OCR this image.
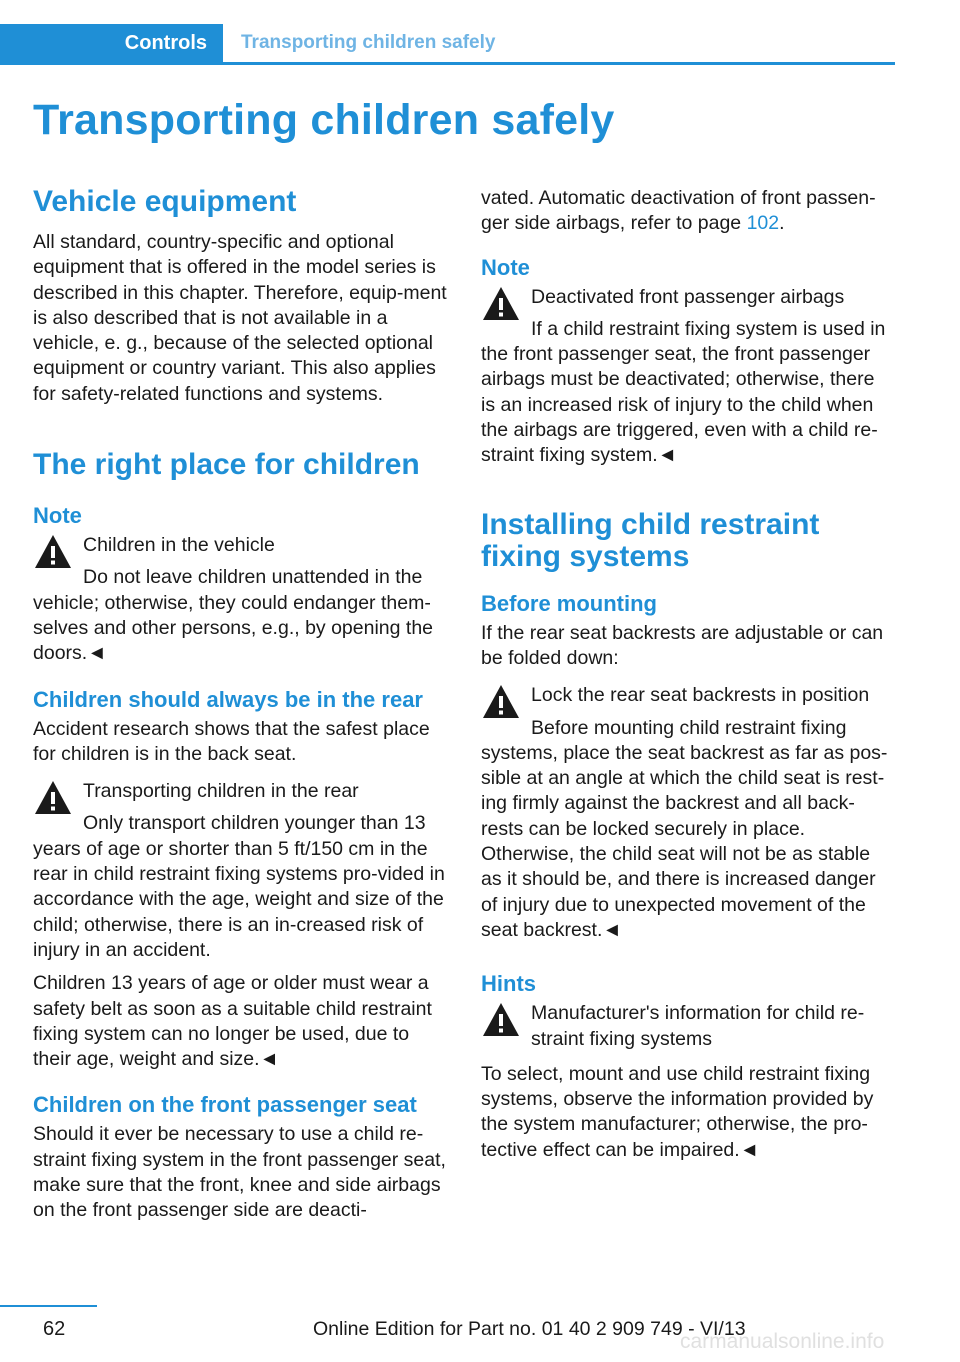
Controls	Transporting children safely
Transporting children safely
Vehicle equipment

All standard, country-specific and optional equipment that is offered in the model series is described in this chapter. Therefore, equip-ment is also described that is not available in a vehicle, e. g., because of the selected optional equipment or country variant. This also applies for safety-related functions and systems.

The right place for children
Note
Children in the vehicle

Do not leave children unattended in the vehicle; otherwise, they could endanger them-selves and other persons, e.g., by opening the doors.◄

Children should always be in the rear

Accident research shows that the safest place for children is in the back seat.

Transporting children in the rear

Only transport children younger than 13 years of age or shorter than 5 ft/150 cm in the rear in child restraint fixing systems pro-vided in accordance with the age, weight and size of the child; otherwise, there is an in-creased risk of injury in an accident.

Children 13 years of age or older must wear a safety belt as soon as a suitable child restraint fixing system can no longer be used, due to their age, weight and size.◄

Children on the front passenger seat

Should it ever be necessary to use a child re-straint fixing system in the front passenger seat, make sure that the front, knee and side airbags on the front passenger side are deacti-

vated. Automatic deactivation of front passen-ger side airbags, refer to page 102.

Note
Deactivated front passenger airbags

If a child restraint fixing system is used in the front passenger seat, the front passenger airbags must be deactivated; otherwise, there is an increased risk of injury to the child when the airbags are triggered, even with a child re-straint fixing system.◄

Installing child restraint fixing systems
Before mounting

If the rear seat backrests are adjustable or can be folded down:

Lock the rear seat backrests in position

Before mounting child restraint fixing systems, place the seat backrest as far as pos-sible at an angle at which the child seat is rest-ing firmly against the backrest and all back-rests can be locked securely in place. Otherwise, the child seat will not be as stable as it should be, and there is increased danger of injury due to unexpected movement of the seat backrest.◄

Hints
Manufacturer's information for child re-straint fixing systems

To select, mount and use child restraint fixing systems, observe the information provided by the system manufacturer; otherwise, the pro-tective effect can be impaired.◄

62	Online Edition for Part no. 01 40 2 909 749 - VI/13
carmanualsonline.info
